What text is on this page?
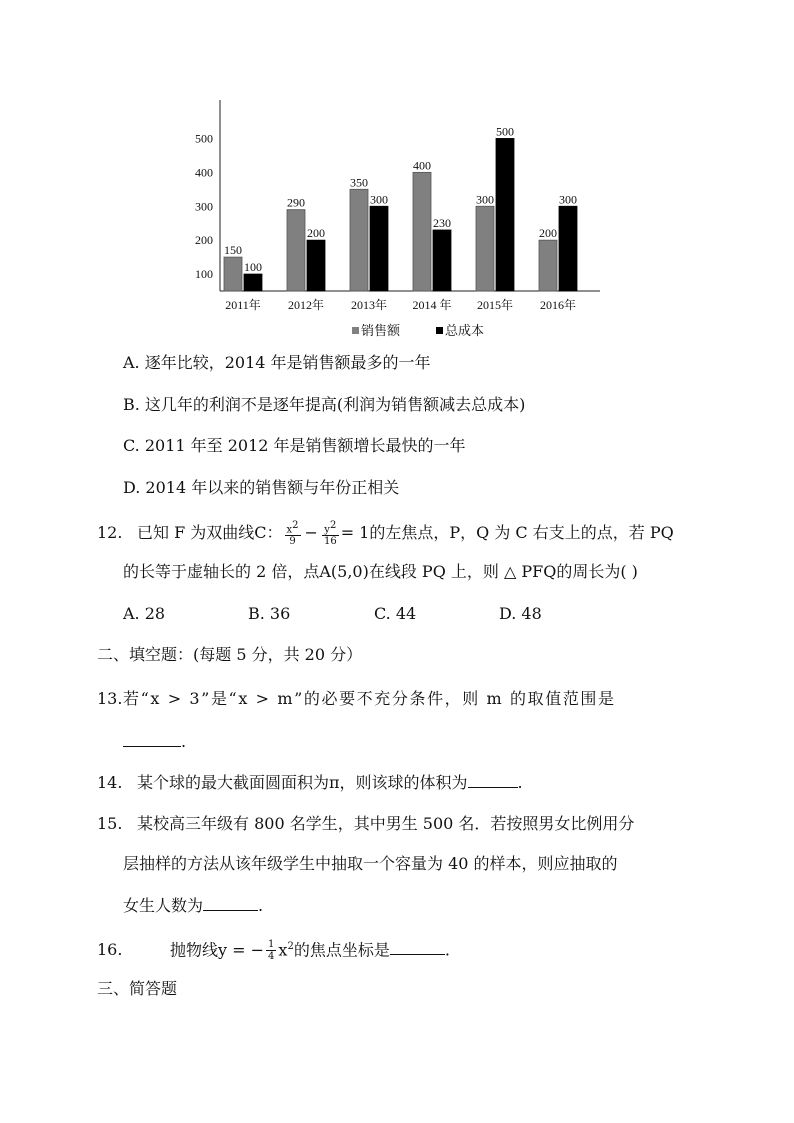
100
200
300
400
500
150
100
2011年
290
200
2012年
350
300
2013年
400
230
2014 年
300
500
2015年
200
300
2016年
销售额	总成本
A. 逐年比较，2014 年是销售额最多的一年
B. 这几年的利润不是逐年提高(利润为销售额减去总成本)
C. 2011 年至 2012 年是销售额增长最快的一年
D. 2014 年以来的销售额与年份正相关
12. 已知 F 为双曲线C： $\frac{x2}{9} - \frac{y2}{16} = 1$的左焦点，P，Q 为 C 右支上的点，若 PQ
的长等于虚轴长的 2 倍，点A(5,0)在线段 PQ 上，则 △ PFQ的周长为( )
A. 28	B. 36	C. 44	D. 48
二、填空题：(每题 5 分，共 20 分）
13.若“x > 3”是“x > m”的必要不充分条件，则 m 的取值范围是
.
14. 某个球的最大截面圆面积为π，则该球的体积为	.
15. 某校高三年级有 800 名学生，其中男生 500 名．若按照男女比例用分
层抽样的方法从该年级学生中抽取一个容量为 40 的样本，则应抽取的
女生人数为	.
16.	抛物线y = − $\frac{1}{4} x^2$的焦点坐标是	.
三、简答题
